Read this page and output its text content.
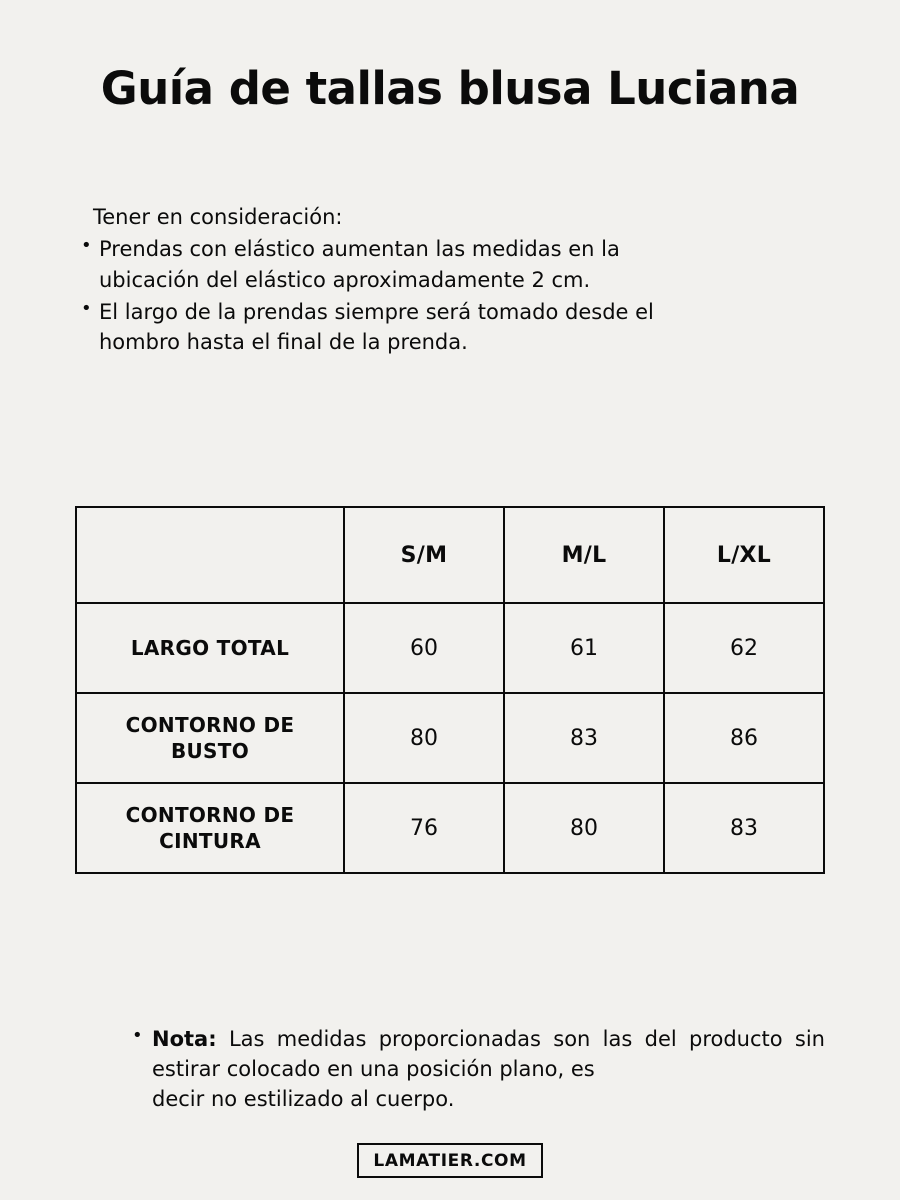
Guía de tallas blusa Luciana
Tener en consideración:
• Prendas con elástico aumentan las medidas en la
ubicación del elástico aproximadamente 2 cm.
• El largo de la prendas siempre será tomado desde el
hombro hasta el final de la prenda.
	S/M	M/L	L/XL
LARGO TOTAL	60	61	62
CONTORNO DE
BUSTO	80	83	86
CONTORNO DE
CINTURA	76	80	83
• Nota: Las medidas proporcionadas son las del producto sin estirar colocado en una posición plano, es
decir no estilizado al cuerpo.
LAMATIER.COM
